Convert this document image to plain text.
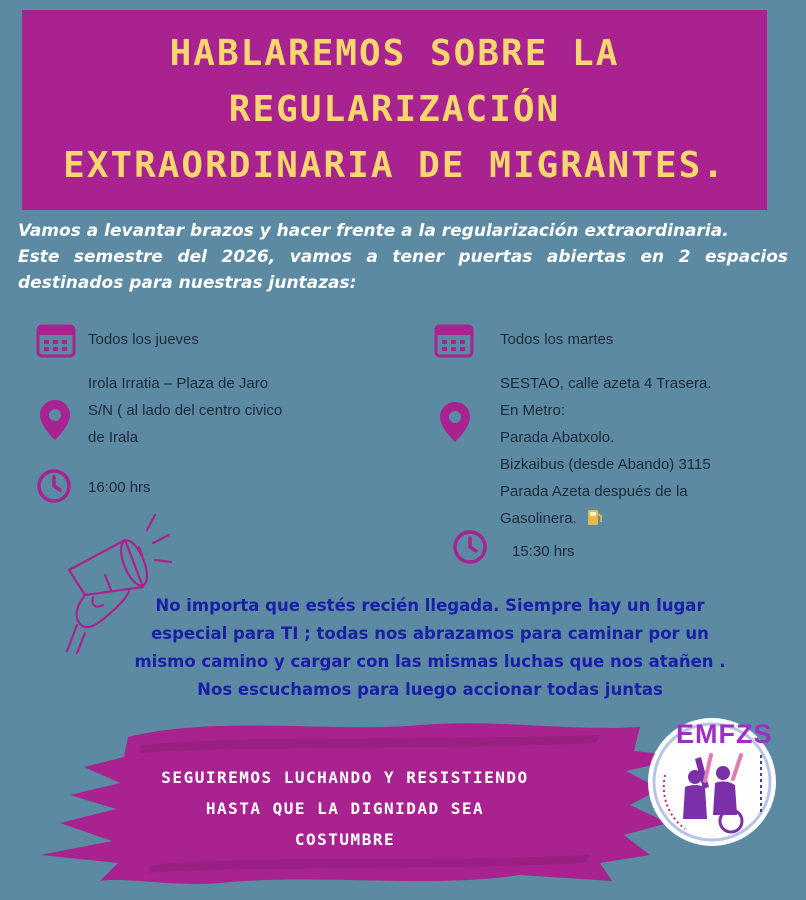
HABLAREMOS SOBRE LA
REGULARIZACIÓN
EXTRAORDINARIA DE MIGRANTES.
Vamos a levantar brazos y hacer frente a la regularización extraordinaria.
Este semestre del 2026, vamos a tener puertas abiertas en 2 espacios
destinados para nuestras juntazas:
Todos los jueves
Irola Irratia – Plaza de Jaro
S/N ( al lado del centro civico
de Irala
16:00 hrs
Todos los martes
SESTAO, calle azeta 4 Trasera.
En Metro:
Parada Abatxolo.
Bizkaibus (desde Abando) 3115
Parada Azeta después de la
Gasolinera.
15:30 hrs
No importa que estés recién llegada. Siempre hay un lugar
especial para TI ; todas nos abrazamos para caminar por un
mismo camino y cargar con las mismas luchas que nos atañen .
Nos escuchamos para luego accionar todas juntas
SEGUIREMOS LUCHANDO Y RESISTIENDO
HASTA QUE LA DIGNIDAD SEA
COSTUMBRE
EMFZS
